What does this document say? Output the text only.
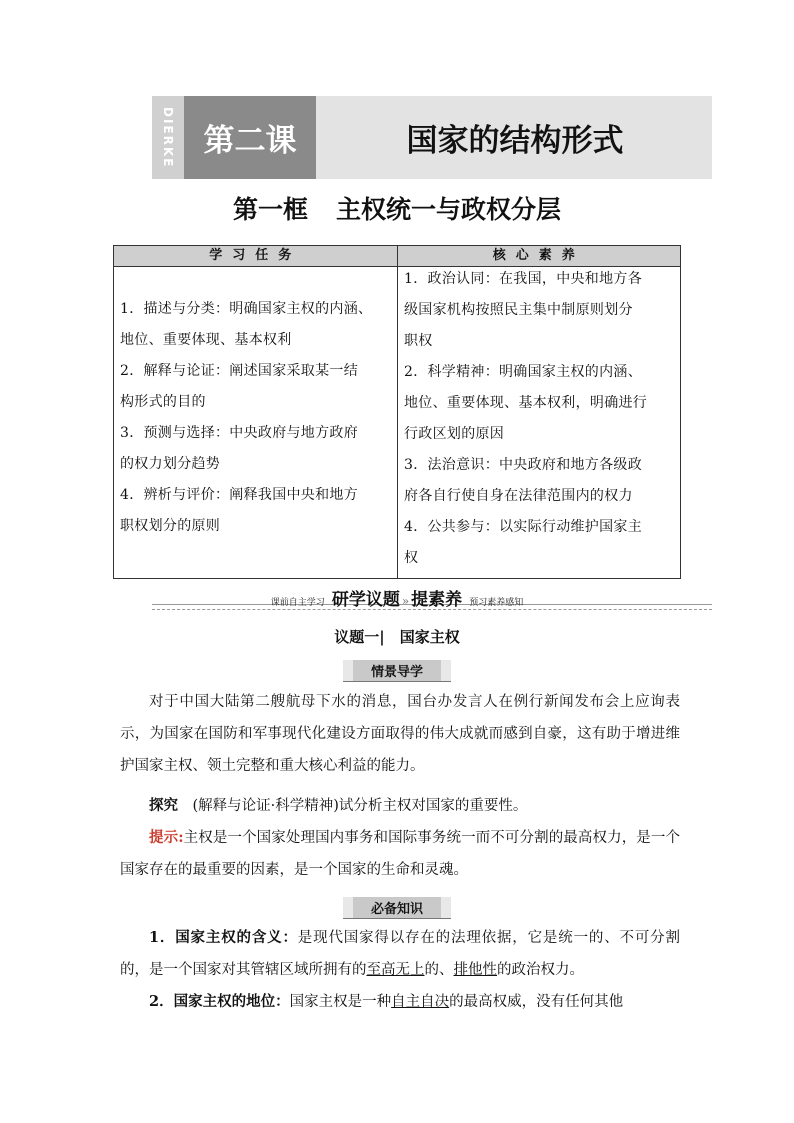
DIERKE 第二课	国家的结构形式
第一框 主权统一与政权分层
学习任务	核心素养
1．描述与分类：明确国家主权的内涵、
地位、重要体现、基本权利
2．解释与论证：阐述国家采取某一结
构形式的目的
3．预测与选择：中央政府与地方政府
的权力划分趋势
4．辨析与评价：阐释我国中央和地方
职权划分的原则
1．政治认同：在我国，中央和地方各
级国家机构按照民主集中制原则划分
职权
2．科学精神：明确国家主权的内涵、
地位、重要体现、基本权利，明确进行
行政区划的原因
3．法治意识：中央政府和地方各级政
府各自行使自身在法律范围内的权力
4．公共参与：以实际行动维护国家主
权
课前自主学习 研学议题 » 提素养 预习素养感知
议题一|　国家主权
情景导学
对于中国大陆第二艘航母下水的消息，国台办发言人在例行新闻发布会上应询表示，为国家在国防和军事现代化建设方面取得的伟大成就而感到自豪，这有助于增进维护国家主权、领土完整和重大核心利益的能力。
探究　 (解释与论证·科学精神)试分析主权对国家的重要性。
提示:主权是一个国家处理国内事务和国际事务统一而不可分割的最高权力，是一个国家存在的最重要的因素，是一个国家的生命和灵魂。
必备知识
1．国家主权的含义：是现代国家得以存在的法理依据，它是统一的、不可分割的，是一个国家对其管辖区域所拥有的至高无上的、排他性的政治权力。
2．国家主权的地位：国家主权是一种自主自决的最高权威，没有任何其他
